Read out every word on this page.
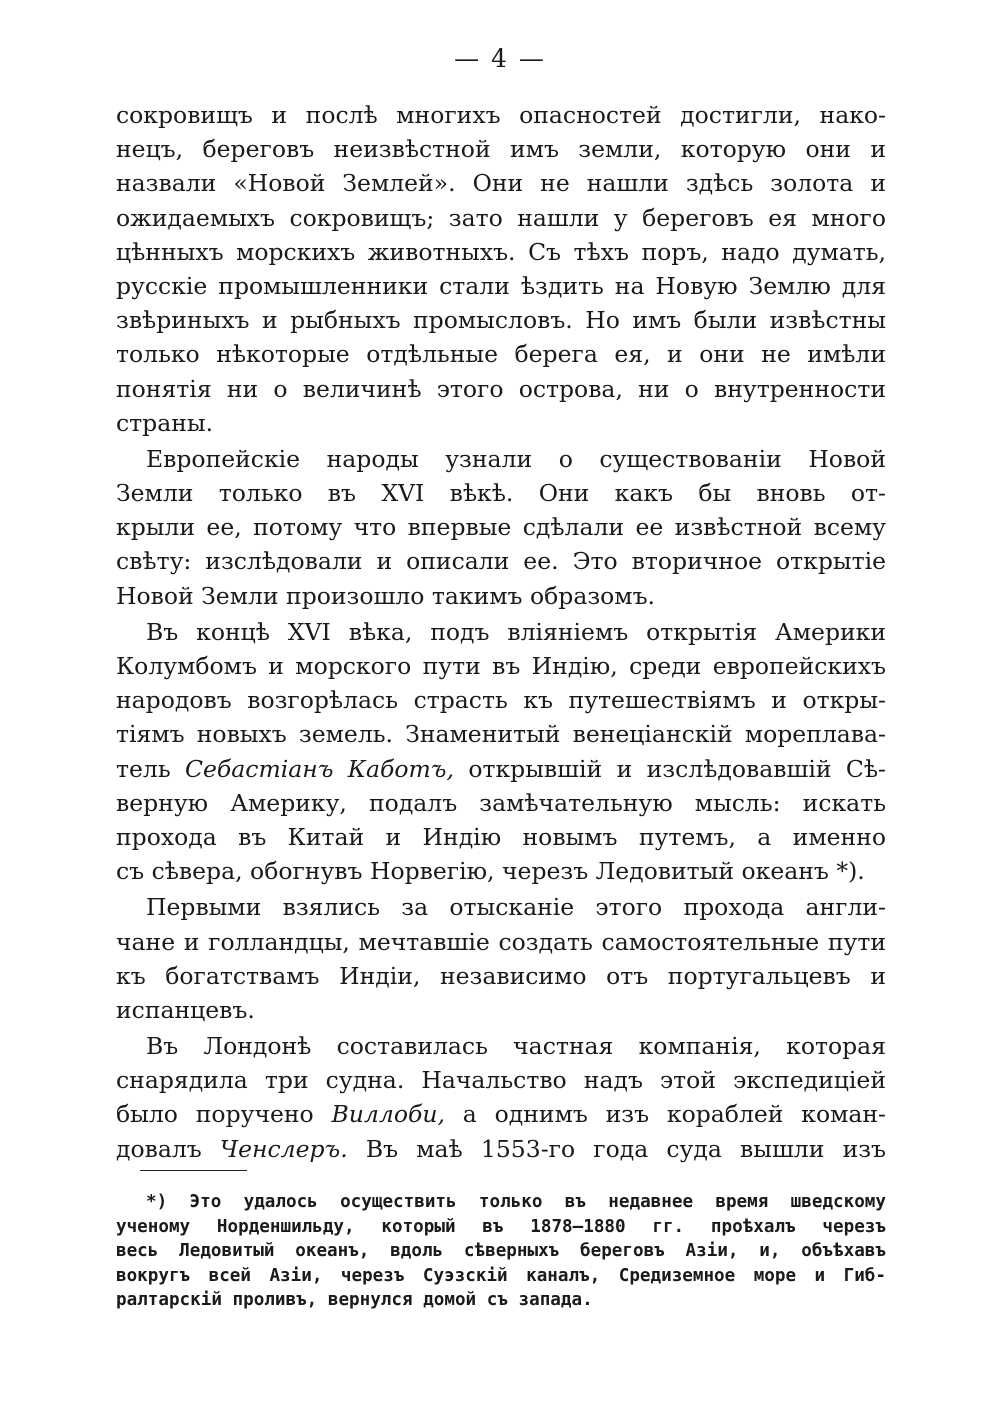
— 4 —
сокровищъ и послѣ многихъ опасностей достигли, нако-
нецъ, береговъ неизвѣстной имъ земли, которую они и
назвали «Новой Землей». Они не нашли здѣсь золота и
ожидаемыхъ сокровищъ; зато нашли у береговъ ея много
цѣнныхъ морскихъ животныхъ. Съ тѣхъ поръ, надо думать,
русскіе промышленники стали ѣздить на Новую Землю для
звѣриныхъ и рыбныхъ промысловъ. Но имъ были извѣстны
только нѣкоторые отдѣльные берега ея, и они не имѣли
понятія ни о величинѣ этого острова, ни о внутренности
страны.
Европейскіе народы узнали о существованіи Новой
Земли только въ XVI вѣкѣ. Они какъ бы вновь от-
крыли ее, потому что впервые сдѣлали ее извѣстной всему
свѣту: изслѣдовали и описали ее. Это вторичное открытіе
Новой Земли произошло такимъ образомъ.
Въ концѣ XVI вѣка, подъ вліяніемъ открытія Америки
Колумбомъ и морского пути въ Индію, среди европейскихъ
народовъ возгорѣлась страсть къ путешествіямъ и откры-
тіямъ новыхъ земель. Знаменитый венеціанскій мореплава-
тель Себастіанъ Каботъ, открывшій и изслѣдовавшій Сѣ-
верную Америку, подалъ замѣчательную мысль: искать
прохода въ Китай и Индію новымъ путемъ, а именно
съ сѣвера, обогнувъ Норвегію, черезъ Ледовитый океанъ *).
Первыми взялись за отысканіе этого прохода англи-
чане и голландцы, мечтавшіе создать самостоятельные пути
къ богатствамъ Индіи, независимо отъ португальцевъ и
испанцевъ.
Въ Лондонѣ составилась частная компанія, которая
снарядила три судна. Начальство надъ этой экспедиціей
было поручено Виллоби, а однимъ изъ кораблей коман-
довалъ Ченслеръ. Въ маѣ 1553-го года суда вышли изъ
*) Это удалось осуществить только въ недавнее время шведскому
ученому Норденшильду, который въ 1878—1880 гг. проѣхалъ черезъ
весь Ледовитый океанъ, вдоль сѣверныхъ береговъ Азіи, и, объѣхавъ
вокругъ всей Азіи, черезъ Суэзскій каналъ, Средиземное море и Гиб-
ралтарскій проливъ, вернулся домой съ запада.
